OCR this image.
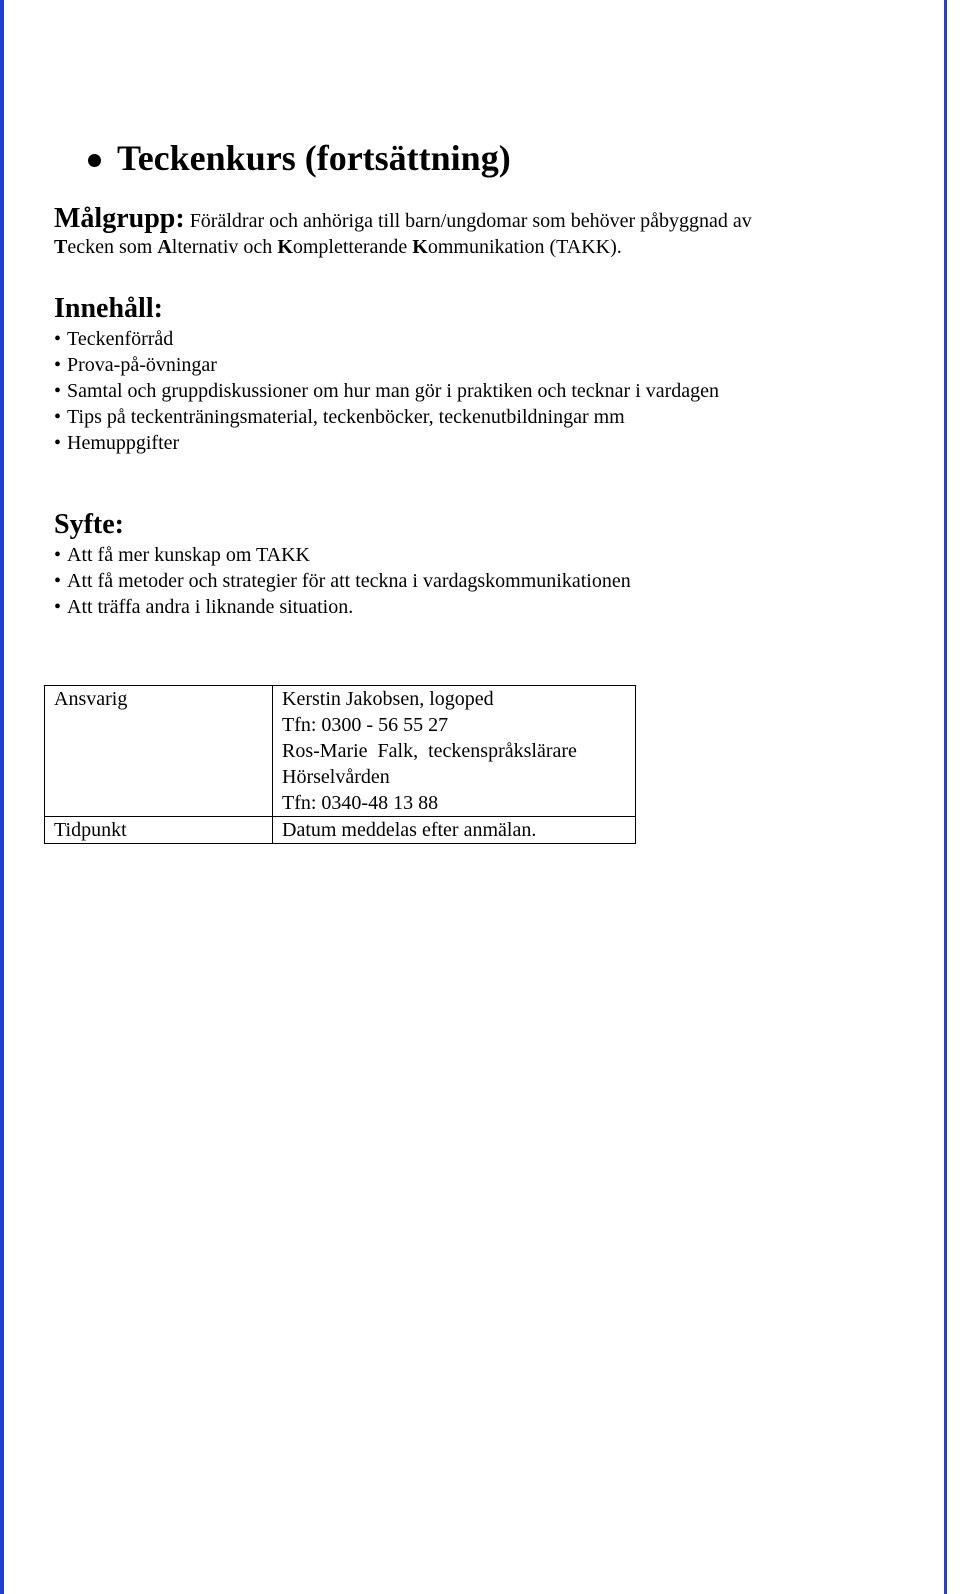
Teckenkurs (fortsättning)
Målgrupp: Föräldrar och anhöriga till barn/ungdomar som behöver påbyggnad av
Tecken som Alternativ och Kompletterande Kommunikation (TAKK).
Innehåll:
• Teckenförråd
• Prova-på-övningar
• Samtal och gruppdiskussioner om hur man gör i praktiken och tecknar i vardagen
• Tips på teckenträningsmaterial, teckenböcker, teckenutbildningar mm
• Hemuppgifter
Syfte:
• Att få mer kunskap om TAKK
• Att få metoder och strategier för att teckna i vardagskommunikationen
• Att träffa andra i liknande situation.
Ansvarig	Kerstin Jakobsen, logoped
Tfn: 0300 - 56 55 27
Ros-Marie  Falk,  teckenspråkslärare
Hörselvården
Tfn: 0340-48 13 88

Tidpunkt	Datum meddelas efter anmälan.
